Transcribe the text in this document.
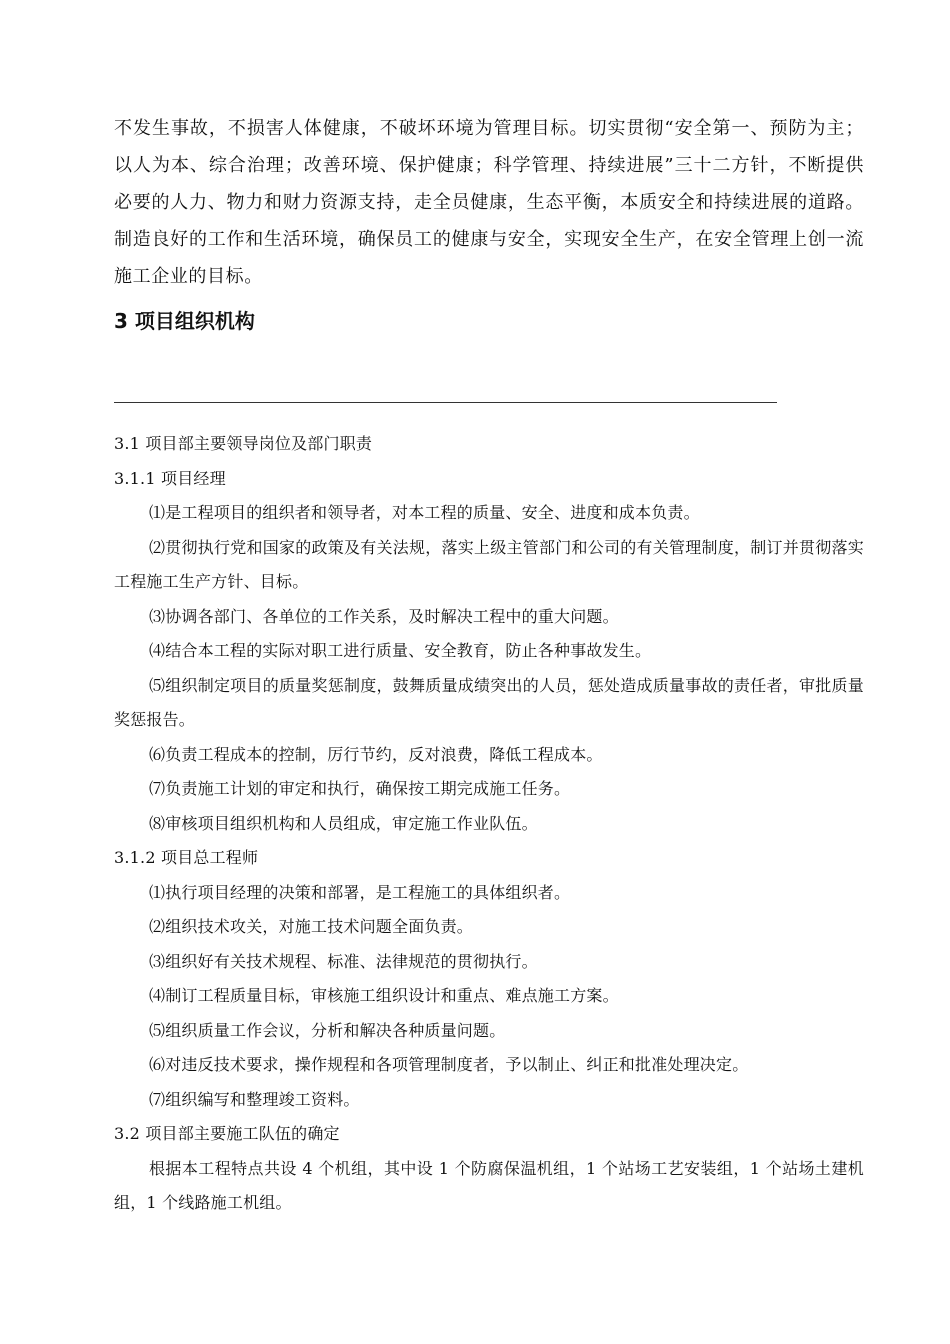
不发生事故，不损害人体健康，不破坏环境为管理目标。切实贯彻“安全第一、预防为主；以人为本、综合治理；改善环境、保护健康；科学管理、持续进展”三十二方针，不断提供必要的人力、物力和财力资源支持，走全员健康，生态平衡，本质安全和持续进展的道路。制造良好的工作和生活环境，确保员工的健康与安全，实现安全生产，在安全管理上创一流施工企业的目标。

3 项目组织机构

3.1 项目部主要领导岗位及部门职责

3.1.1 项目经理

⑴是工程项目的组织者和领导者，对本工程的质量、安全、进度和成本负责。

⑵贯彻执行党和国家的政策及有关法规，落实上级主管部门和公司的有关管理制度，制订并贯彻落实工程施工生产方针、目标。

⑶协调各部门、各单位的工作关系，及时解决工程中的重大问题。

⑷结合本工程的实际对职工进行质量、安全教育，防止各种事故发生。

⑸组织制定项目的质量奖惩制度，鼓舞质量成绩突出的人员，惩处造成质量事故的责任者，审批质量奖惩报告。

⑹负责工程成本的控制，厉行节约，反对浪费，降低工程成本。

⑺负责施工计划的审定和执行，确保按工期完成施工任务。

⑻审核项目组织机构和人员组成，审定施工作业队伍。

3.1.2 项目总工程师

⑴执行项目经理的决策和部署，是工程施工的具体组织者。

⑵组织技术攻关，对施工技术问题全面负责。

⑶组织好有关技术规程、标准、法律规范的贯彻执行。

⑷制订工程质量目标，审核施工组织设计和重点、难点施工方案。

⑸组织质量工作会议，分析和解决各种质量问题。

⑹对违反技术要求，操作规程和各项管理制度者，予以制止、纠正和批准处理决定。

⑺组织编写和整理竣工资料。

3.2 项目部主要施工队伍的确定

根据本工程特点共设 4 个机组，其中设 1 个防腐保温机组，1 个站场工艺安装组，1 个站场土建机组，1 个线路施工机组。
